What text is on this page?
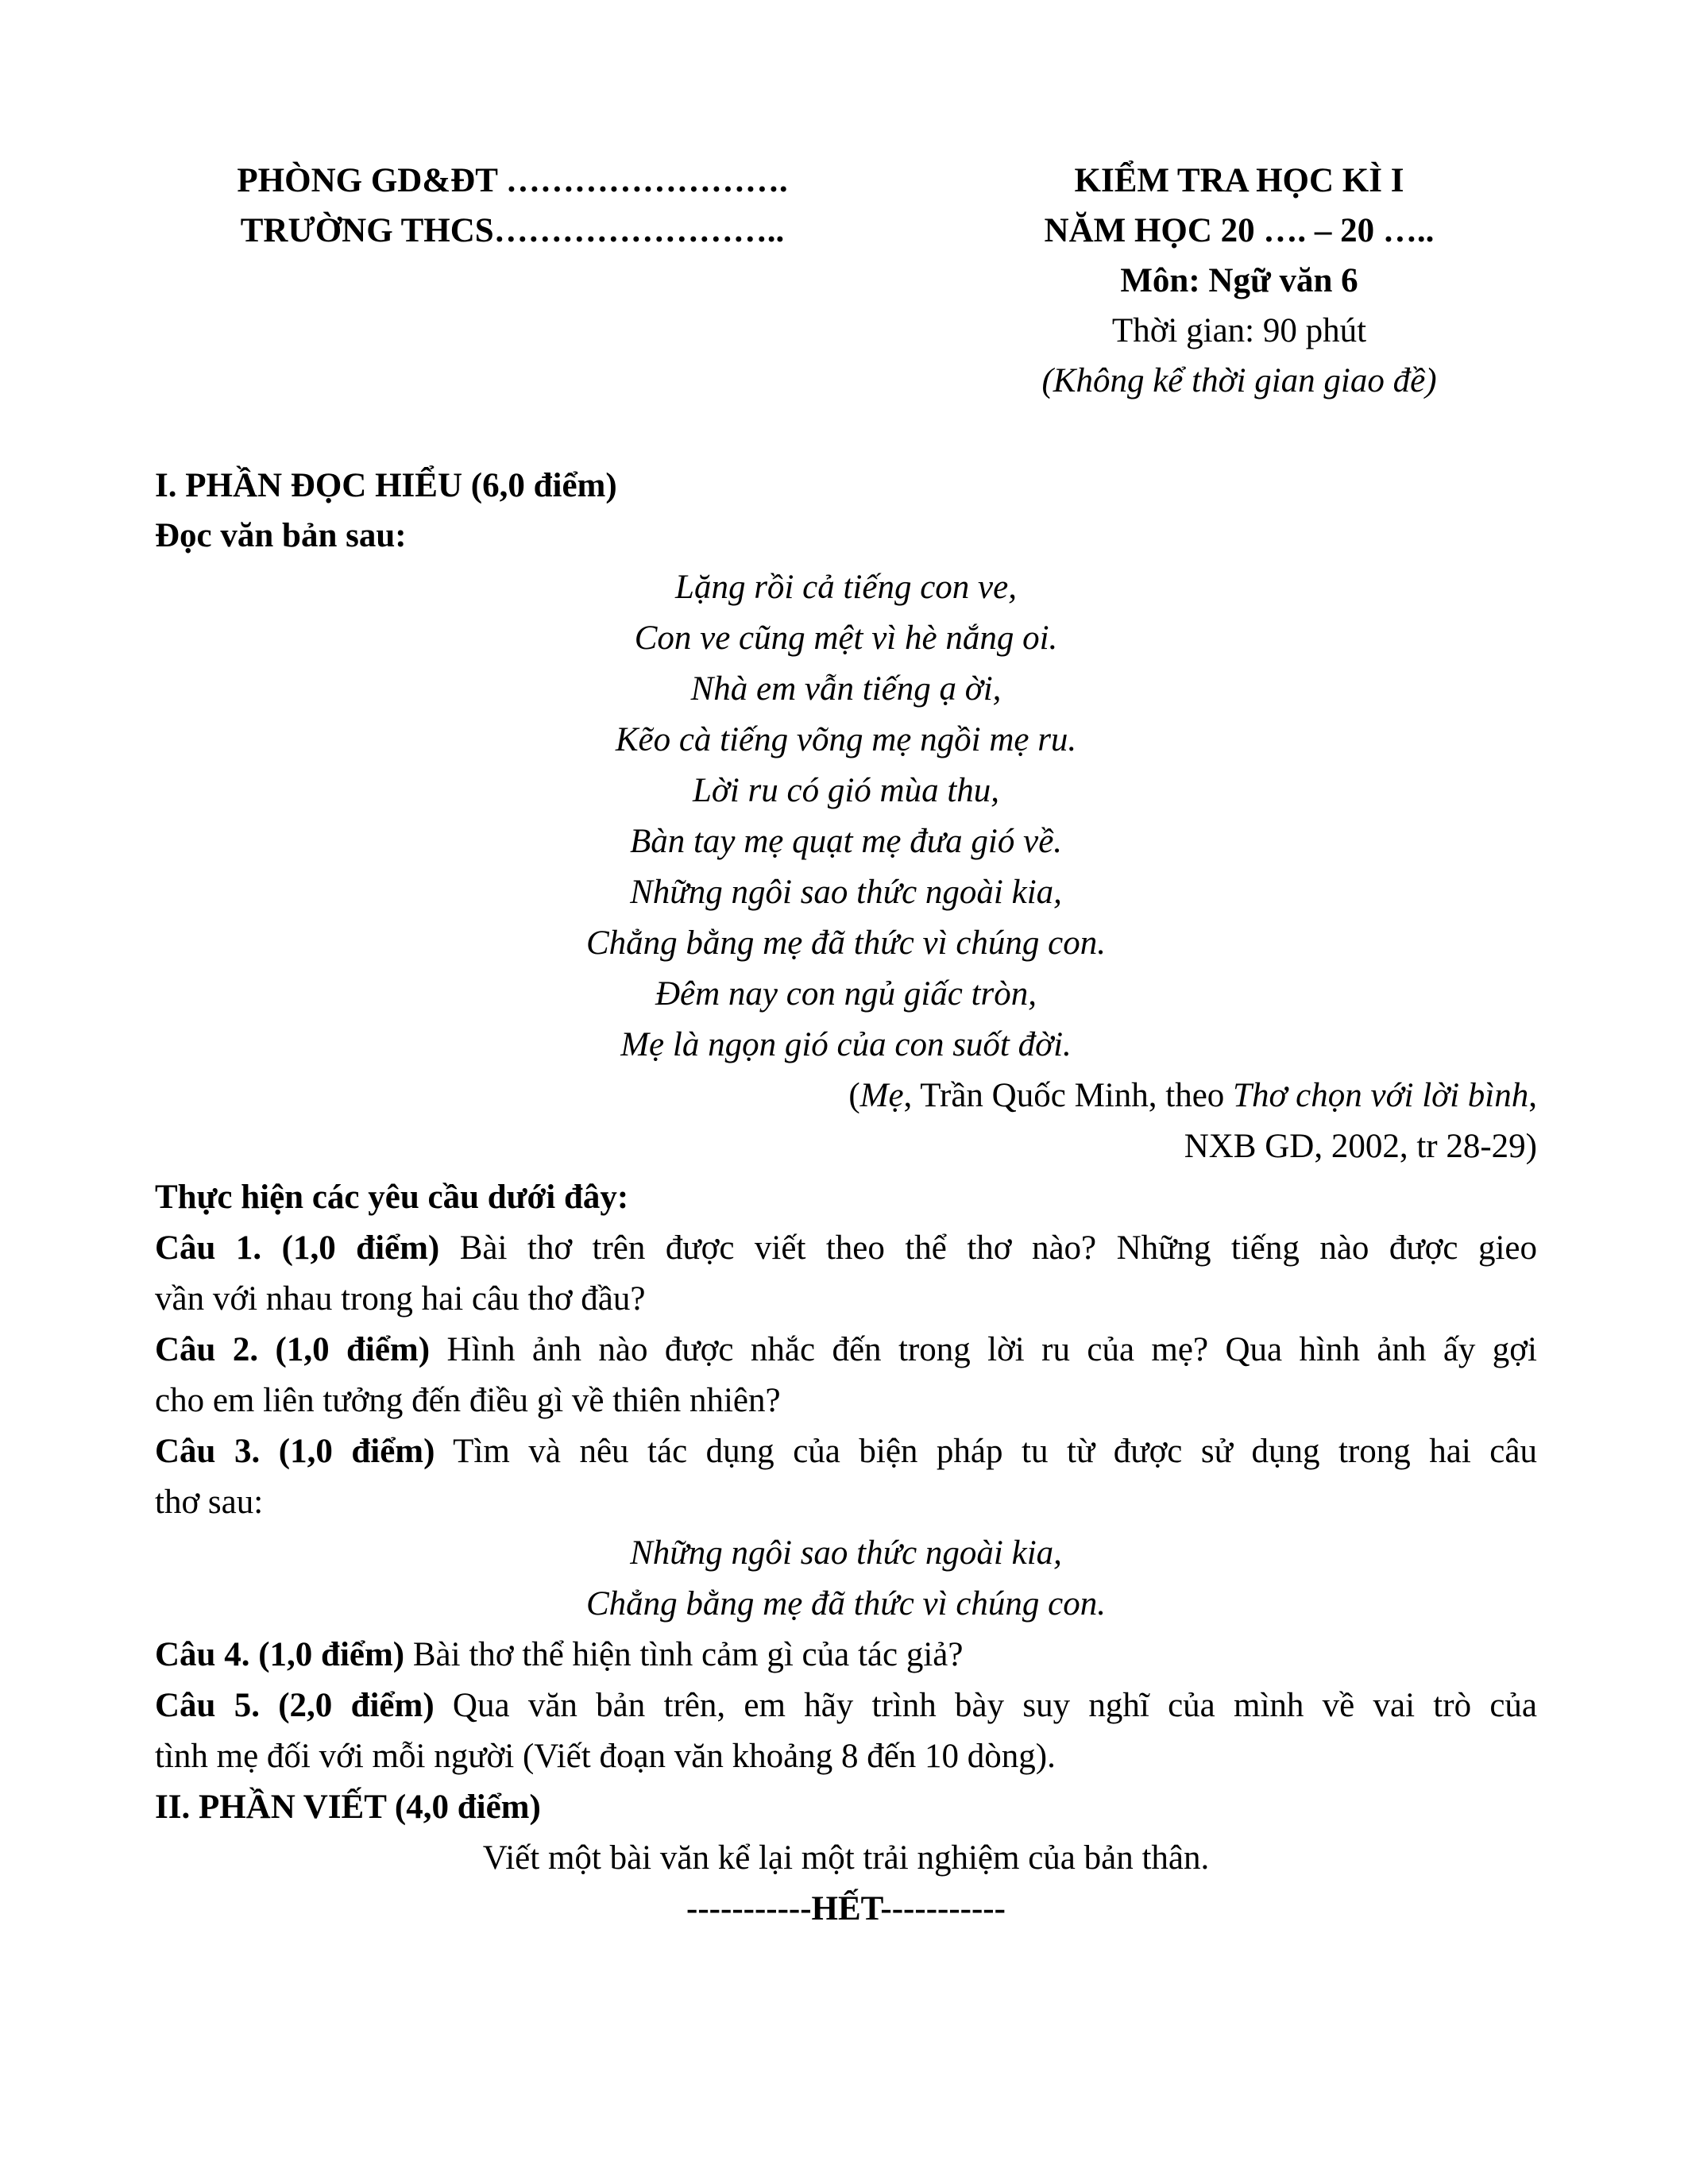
PHÒNG GD&ĐT …………………….
TRƯỜNG THCS……………………..
KIỂM TRA HỌC KÌ I
NĂM HỌC 20 …. – 20 …..
Môn: Ngữ văn 6
Thời gian: 90 phút
(Không kể thời gian giao đề)
I. PHẦN ĐỌC HIỂU (6,0 điểm)
Đọc văn bản sau:
Lặng rồi cả tiếng con ve,
Con ve cũng mệt vì hè nắng oi.
Nhà em vẫn tiếng ạ ời,
Kẽo cà tiếng võng mẹ ngồi mẹ ru.
Lời ru có gió mùa thu,
Bàn tay mẹ quạt mẹ đưa gió về.
Những ngôi sao thức ngoài kia,
Chẳng bằng mẹ đã thức vì chúng con.
Đêm nay con ngủ giấc tròn,
Mẹ là ngọn gió của con suốt đời.
(Mẹ, Trần Quốc Minh, theo Thơ chọn với lời bình,
NXB GD, 2002, tr 28-29)
Thực hiện các yêu cầu dưới đây:
Câu 1. (1,0 điểm) Bài thơ trên được viết theo thể thơ nào? Những tiếng nào được gieo
vần với nhau trong hai câu thơ đầu?
Câu 2. (1,0 điểm) Hình ảnh nào được nhắc đến trong lời ru của mẹ? Qua hình ảnh ấy gợi
cho em liên tưởng đến điều gì về thiên nhiên?
Câu 3. (1,0 điểm) Tìm và nêu tác dụng của biện pháp tu từ được sử dụng trong hai câu
thơ sau:
Những ngôi sao thức ngoài kia,
Chẳng bằng mẹ đã thức vì chúng con.
Câu 4. (1,0 điểm) Bài thơ thể hiện tình cảm gì của tác giả?
Câu 5. (2,0 điểm) Qua văn bản trên, em hãy trình bày suy nghĩ của mình về vai trò của
tình mẹ đối với mỗi người (Viết đoạn văn khoảng 8 đến 10 dòng).
II. PHẦN VIẾT (4,0 điểm)
Viết một bài văn kể lại một trải nghiệm của bản thân.
-----------HẾT-----------
